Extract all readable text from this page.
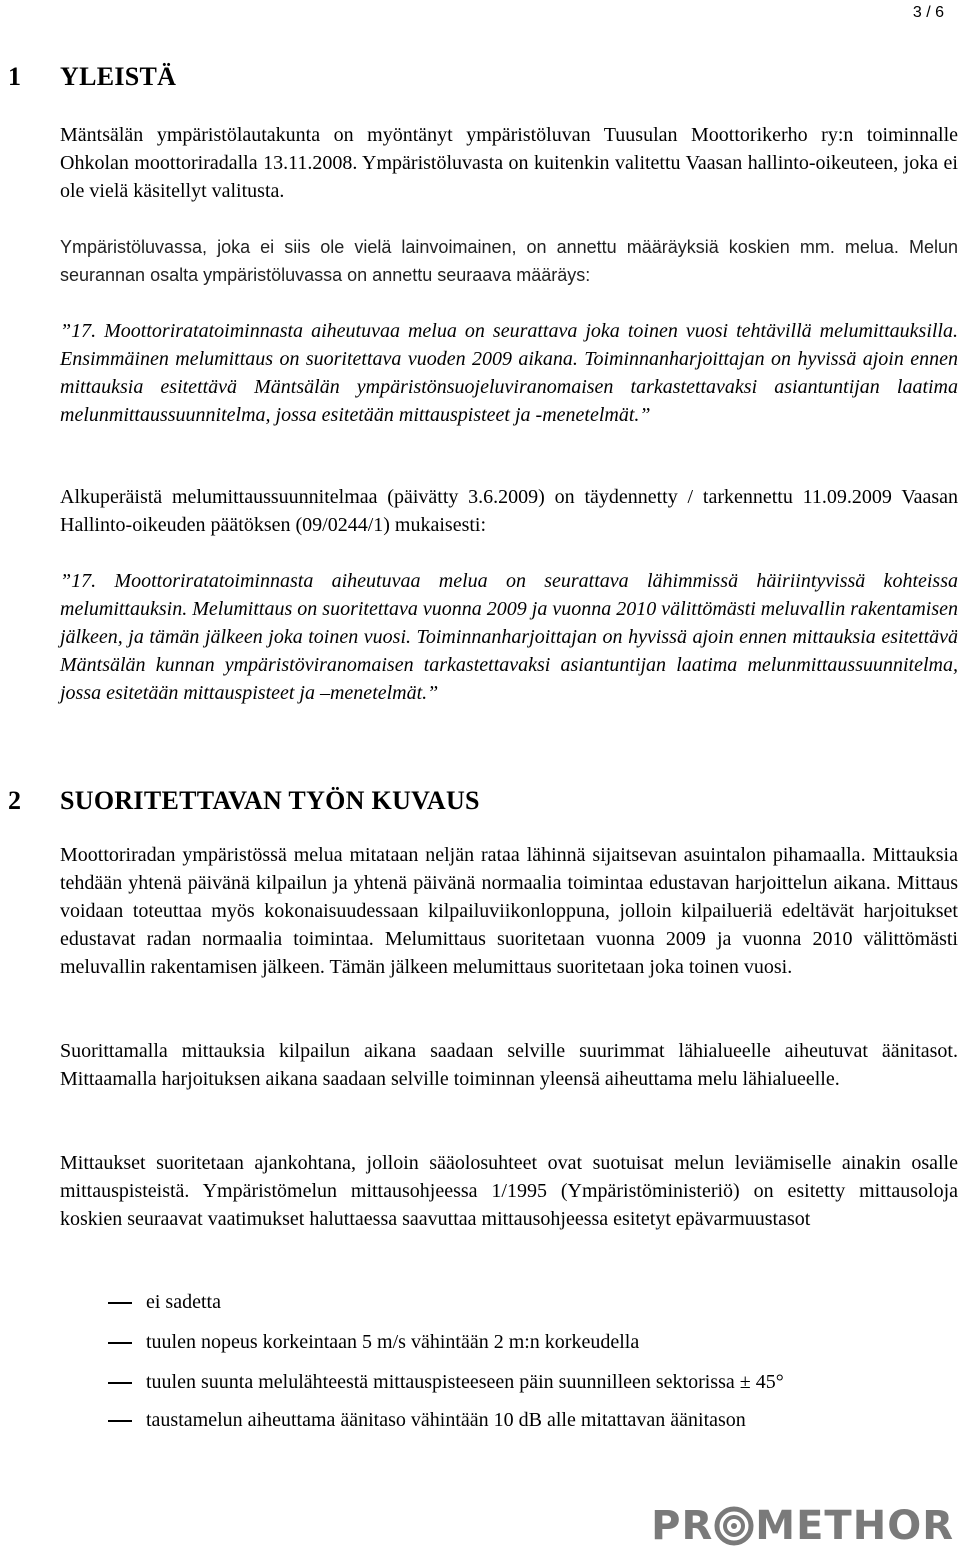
3 / 6
1 YLEISTÄ
Mäntsälän ympäristölautakunta on myöntänyt ympäristöluvan Tuusulan Moottorikerho ry:n toiminnalle Ohkolan moottoriradalla 13.11.2008. Ympäristöluvasta on kuitenkin valitettu Vaasan hallinto-oikeuteen, joka ei ole vielä käsitellyt valitusta.
Ympäristöluvassa, joka ei siis ole vielä lainvoimainen, on annettu määräyksiä koskien mm. melua. Melun seurannan osalta ympäristöluvassa on annettu seuraava määräys:
”17. Moottoriratatoiminnasta aiheutuvaa melua on seurattava joka toinen vuosi tehtävillä melumittauksilla. Ensimmäinen melumittaus on suoritettava vuoden 2009 aikana. Toiminnanharjoittajan on hyvissä ajoin ennen mittauksia esitettävä Mäntsälän ympäristönsuojeluviranomaisen tarkastettavaksi asiantuntijan laatima melunmittaussuunnitelma, jossa esitetään mittauspisteet ja -menetelmät.”
Alkuperäistä melumittaussuunnitelmaa (päivätty 3.6.2009) on täydennetty / tarkennettu 11.09.2009 Vaasan Hallinto-oikeuden päätöksen (09/0244/1) mukaisesti:
”17. Moottoriratatoiminnasta aiheutuvaa melua on seurattava lähimmissä häiriintyvissä kohteissa melumittauksin. Melumittaus on suoritettava vuonna 2009 ja vuonna 2010 välittömästi meluvallin rakentamisen jälkeen, ja tämän jälkeen joka toinen vuosi. Toiminnanharjoittajan on hyvissä ajoin ennen mittauksia esitettävä Mäntsälän kunnan ympäristöviranomaisen tarkastettavaksi asiantuntijan laatima melunmittaussuunnitelma, jossa esitetään mittauspisteet ja –menetelmät.”
2 SUORITETTAVAN TYÖN KUVAUS
Moottoriradan ympäristössä melua mitataan neljän rataa lähinnä sijaitsevan asuintalon pihamaalla. Mittauksia tehdään yhtenä päivänä kilpailun ja yhtenä päivänä normaalia toimintaa edustavan harjoittelun aikana. Mittaus voidaan toteuttaa myös kokonaisuudessaan kilpailuviikonloppuna, jolloin kilpailueriä edeltävät harjoitukset edustavat radan normaalia toimintaa. Melumittaus suoritetaan vuonna 2009 ja vuonna 2010 välittömästi meluvallin rakentamisen jälkeen. Tämän jälkeen melumittaus suoritetaan joka toinen vuosi.
Suorittamalla mittauksia kilpailun aikana saadaan selville suurimmat lähialueelle aiheutuvat äänitasot. Mittaamalla harjoituksen aikana saadaan selville toiminnan yleensä aiheuttama melu lähialueelle.
Mittaukset suoritetaan ajankohtana, jolloin sääolosuhteet ovat suotuisat melun leviämiselle ainakin osalle mittauspisteistä. Ympäristömelun mittausohjeessa 1/1995 (Ympäristöministeriö) on esitetty mittausoloja koskien seuraavat vaatimukset haluttaessa saavuttaa mittausohjeessa esitetyt epävarmuustasot
ei sadetta
tuulen nopeus korkeintaan 5 m/s vähintään 2 m:n korkeudella
tuulen suunta melulähteestä mittauspisteeseen päin suunnilleen sektorissa ± 45°
taustamelun aiheuttama äänitaso vähintään 10 dB alle mitattavan äänitason
PR METHOR
